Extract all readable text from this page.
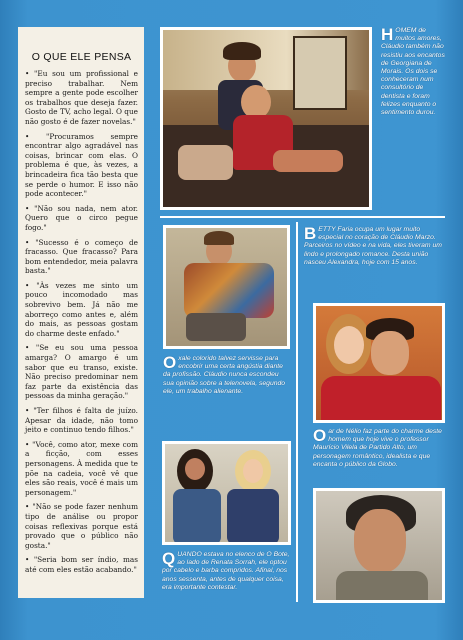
O QUE ELE PENSA

• "Eu sou um profissional e preciso trabalhar. Nem sempre a gente pode escolher os trabalhos que deseja fazer. Gosto de TV, acho legal. O que não gosto é de fazer novelas."

• "Procuramos sempre encontrar algo agradável nas coisas, brincar com elas. O problema é que, às vezes, a brincadeira fica tão besta que se perde o humor. E isso não pode acontecer."

• "Não sou nada, nem ator. Quero que o circo pegue fogo."

• "Sucesso é o começo de fracasso. Que fracasso? Para bom entendedor, meia palavra basta."

• "Às vezes me sinto um pouco incomodado mas sobrevivo bem. Já não me aborreço como antes e, além do mais, as pessoas gostam do charme deste enfado."

• "Se eu sou uma pessoa amarga? O amargo é um sabor que eu transo, existe. Não preciso predominar nem faz parte da existência das pessoas da minha geração."

• "Ter filhos é falta de juízo. Apesar da idade, não tomo jeito e continuo tendo filhos."

• "Você, como ator, mexe com a ficção, com esses personagens. À medida que te põe na cadeia, você vê que eles são reais, você é mais um personagem."

• "Não se pode fazer nenhum tipo de análise ou propor coisas reflexivas porque está provado que o público não gosta."

• "Seria bom ser índio, mas até com eles estão acabando."

HOMEM de muitos amores, Cláudio também não resistiu aos encantos de Georgiana de Morais. Os dois se conheceram num consultório de dentista e foram felizes enquanto o sentimento durou.
Oxale colorido talvez servisse para encobrir uma certa angústia diante da profissão. Cláudio nunca escondeu sua opinião sobre a telenovela, segundo ele, um trabalho alienante.
BETTY Faria ocupa um lugar muito especial no coração de Cláudio Marzo. Parceiros no vídeo e na vida, eles tiveram um lindo e prolongado romance. Desta união nasceu Alexandra, hoje com 15 anos.
Oar de Nélio faz parte do charme deste homem que hoje vive o professor Maurício Vilela de Partido Alto, um personagem romântico, idealista e que encanta o público da Globo.
QUANDO estava no elenco de O Bote, ao lado de Renata Sorrah, ele optou por cabelo e barba compridos. Afinal, nos anos sessenta, antes de qualquer coisa, era importante contestar.
